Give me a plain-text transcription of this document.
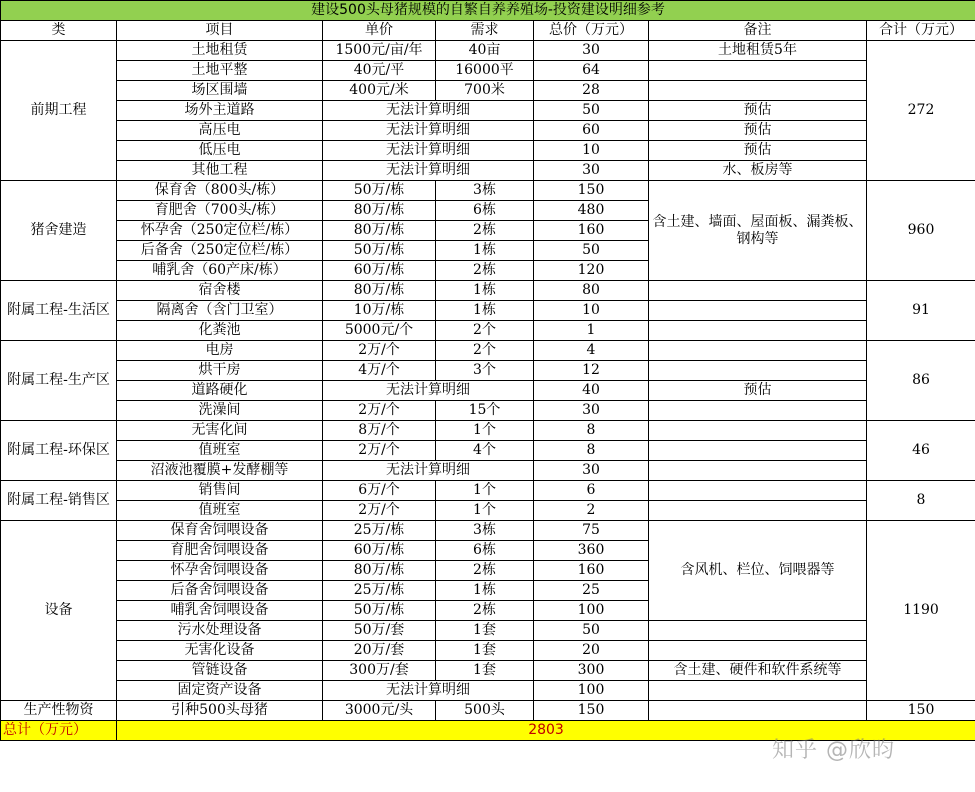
建设500头母猪规模的自繁自养养殖场-投资建设明细参考						
类	项目	单价	需求	总价（万元）	备注	合计（万元）
前期工程	土地租赁	1500元/亩/年	40亩	30	土地租赁5年	272
	土地平整	40元/平	16000平	64		
	场区围墙	400元/米	700米	28		
	场外主道路	无法计算明细		50	预估	
	高压电	无法计算明细		60	预估	
	低压电	无法计算明细		10	预估	
	其他工程	无法计算明细		30	水、板房等	
猪舍建造	保育舍（800头/栋）	50万/栋	3栋	150	含土建、墙面、屋面板、漏粪板、钢构等	960
	育肥舍（700头/栋）	80万/栋	6栋	480		
	怀孕舍（250定位栏/栋）	80万/栋	2栋	160		
	后备舍（250定位栏/栋）	50万/栋	1栋	50		
	哺乳舍（60产床/栋）	60万/栋	2栋	120		
附属工程-生活区	宿舍楼	80万/栋	1栋	80		91
	隔离舍（含门卫室）	10万/栋	1栋	10		
	化粪池	5000元/个	2个	1		
附属工程-生产区	电房	2万/个	2个	4		86
	烘干房	4万/个	3个	12		
	道路硬化	无法计算明细		40	预估	
	洗澡间	2万/个	15个	30		
附属工程-环保区	无害化间	8万/个	1个	8		46
	值班室	2万/个	4个	8		
	沼液池覆膜+发酵棚等	无法计算明细		30		
附属工程-销售区	销售间	6万/个	1个	6		8
	值班室	2万/个	1个	2		
设备	保育舍饲喂设备	25万/栋	3栋	75	含风机、栏位、饲喂器等	1190
	育肥舍饲喂设备	60万/栋	6栋	360		
	怀孕舍饲喂设备	80万/栋	2栋	160		
	后备舍饲喂设备	25万/栋	1栋	25		
	哺乳舍饲喂设备	50万/栋	2栋	100		
	污水处理设备	50万/套	1套	50		
	无害化设备	20万/套	1套	20		
	管链设备	300万/套	1套	300	含土建、硬件和软件系统等	
	固定资产设备	无法计算明细		100		
生产性物资	引种500头母猪	3000元/头	500头	150		150
总计（万元）	2803					
知乎 @欣昀
